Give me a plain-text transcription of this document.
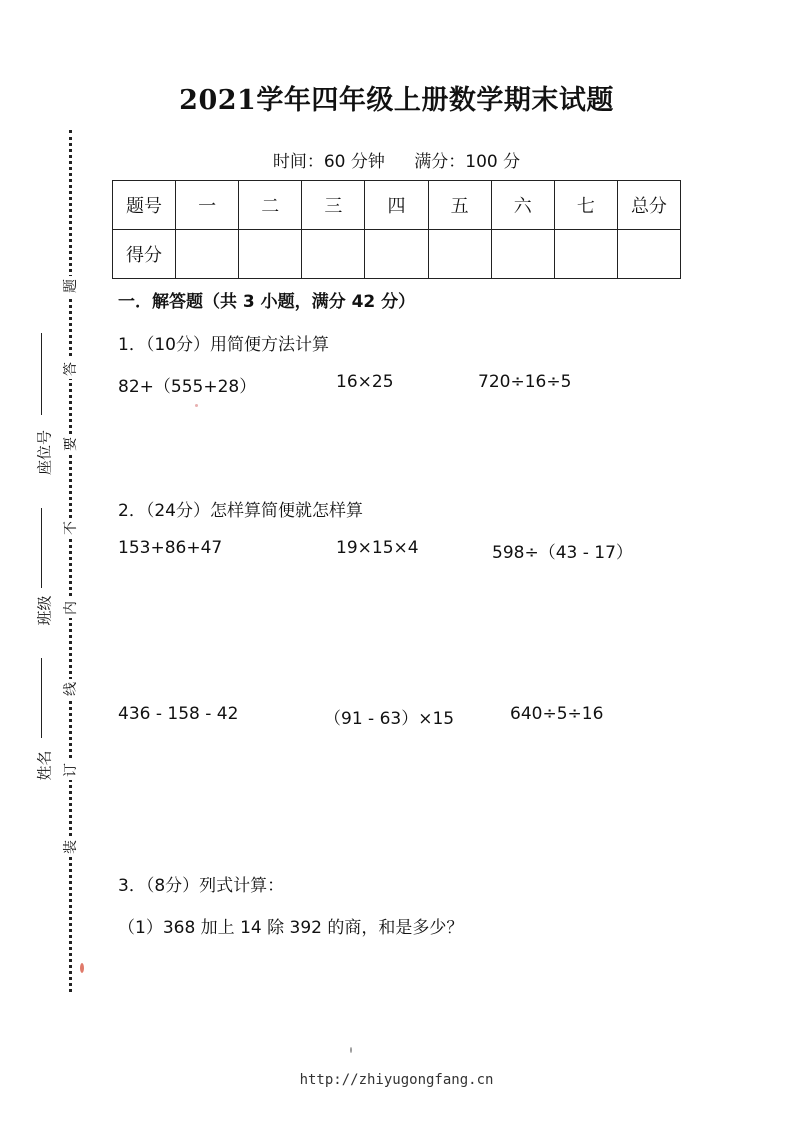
题
答
要
不
内
线
订
装
座位号
班级
姓名
2021学年四年级上册数学期末试题
时间：60 分钟 满分：100 分
题号	一	二	三	四	五	六	七	总分
得分								
一．解答题（共 3 小题，满分 42 分）
1．（10分）用简便方法计算
82+（555+28）	16×25	720÷16÷5
2．（24分）怎样算简便就怎样算
153+86+47	19×15×4	598÷（43 - 17）
436 - 158 - 42	（91 - 63）×15	640÷5÷16
3．（8分）列式计算：
（1）368 加上 14 除 392 的商，和是多少？
http://zhiyugongfang.cn
